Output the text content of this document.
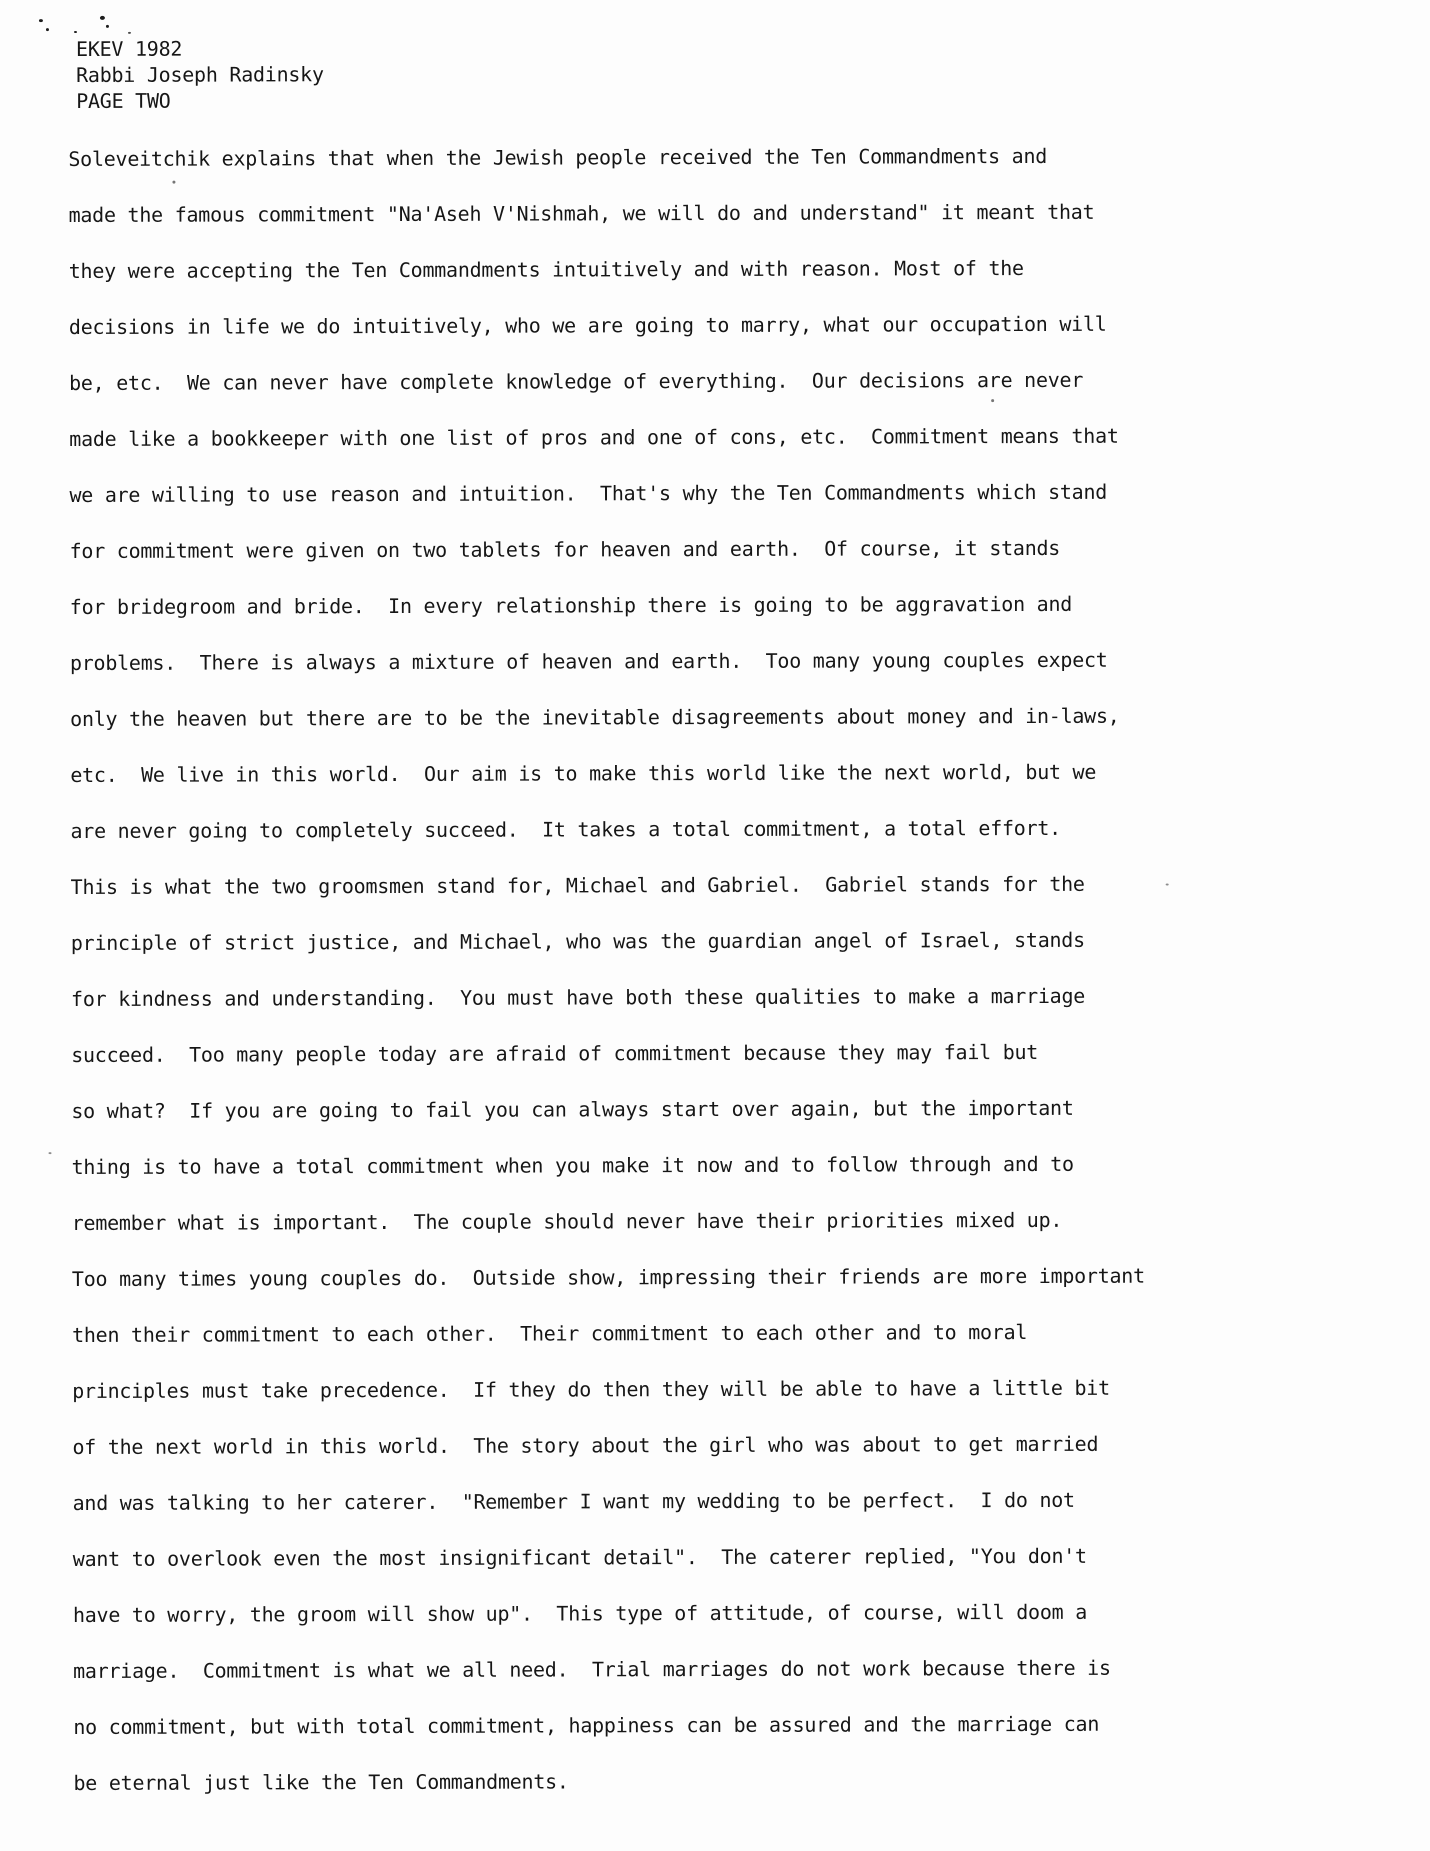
EKEV 1982
Rabbi Joseph Radinsky
PAGE TWO
Soleveitchik explains that when the Jewish people received the Ten Commandments and
made the famous commitment "Na'Aseh V'Nishmah, we will do and understand" it meant that
they were accepting the Ten Commandments intuitively and with reason. Most of the
decisions in life we do intuitively, who we are going to marry, what our occupation will
be, etc.  We can never have complete knowledge of everything.  Our decisions are never
made like a bookkeeper with one list of pros and one of cons, etc.  Commitment means that
we are willing to use reason and intuition.  That's why the Ten Commandments which stand
for commitment were given on two tablets for heaven and earth.  Of course, it stands
for bridegroom and bride.  In every relationship there is going to be aggravation and
problems.  There is always a mixture of heaven and earth.  Too many young couples expect
only the heaven but there are to be the inevitable disagreements about money and in-laws,
etc.  We live in this world.  Our aim is to make this world like the next world, but we
are never going to completely succeed.  It takes a total commitment, a total effort.
This is what the two groomsmen stand for, Michael and Gabriel.  Gabriel stands for the
principle of strict justice, and Michael, who was the guardian angel of Israel, stands
for kindness and understanding.  You must have both these qualities to make a marriage
succeed.  Too many people today are afraid of commitment because they may fail but
so what?  If you are going to fail you can always start over again, but the important
thing is to have a total commitment when you make it now and to follow through and to
remember what is important.  The couple should never have their priorities mixed up.
Too many times young couples do.  Outside show, impressing their friends are more important
then their commitment to each other.  Their commitment to each other and to moral
principles must take precedence.  If they do then they will be able to have a little bit
of the next world in this world.  The story about the girl who was about to get married
and was talking to her caterer.  "Remember I want my wedding to be perfect.  I do not
want to overlook even the most insignificant detail".  The caterer replied, "You don't
have to worry, the groom will show up".  This type of attitude, of course, will doom a
marriage.  Commitment is what we all need.  Trial marriages do not work because there is
no commitment, but with total commitment, happiness can be assured and the marriage can
be eternal just like the Ten Commandments.
